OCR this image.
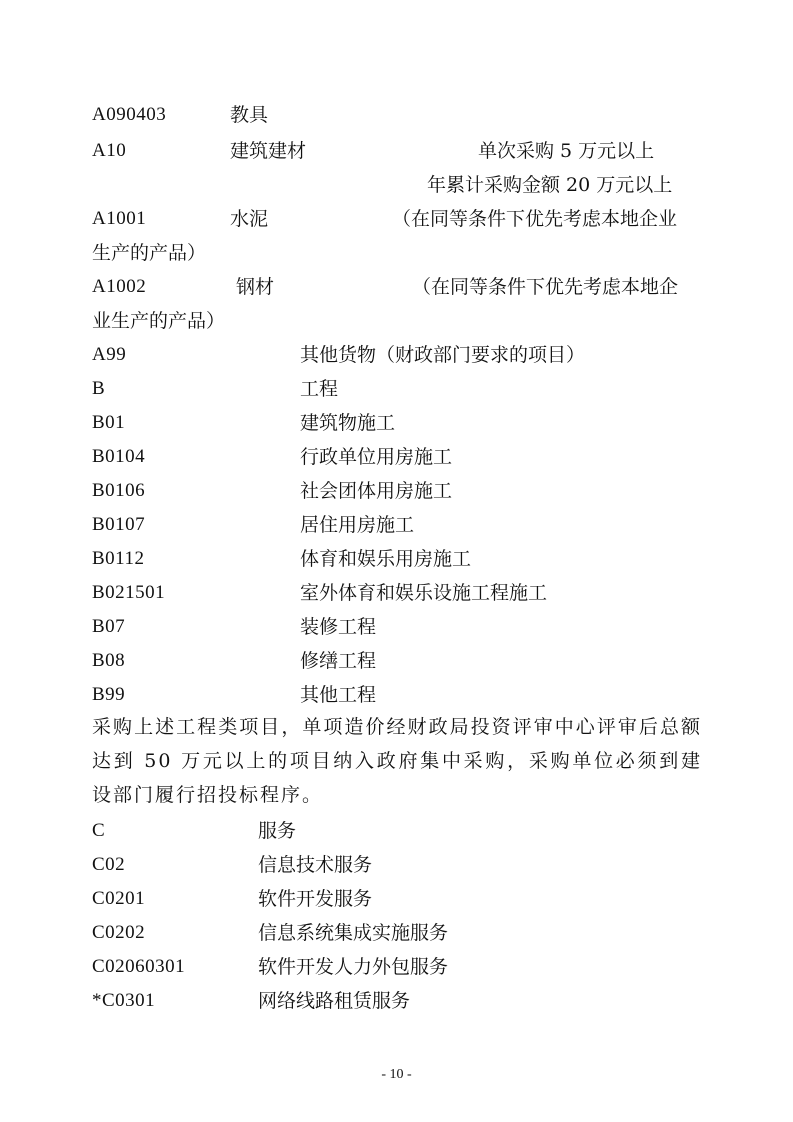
A090403	教具
A10	建筑建材	单次采购 5 万元以上
年累计采购金额 20 万元以上
A1001	水泥	（在同等条件下优先考虑本地企业
生产的产品）
A1002	钢材	（在同等条件下优先考虑本地企
业生产的产品）
A99	其他货物（财政部门要求的项目）
B	工程
B01	建筑物施工
B0104	行政单位用房施工
B0106	社会团体用房施工
B0107	居住用房施工
B0112	体育和娱乐用房施工
B021501	室外体育和娱乐设施工程施工
B07	装修工程
B08	修缮工程
B99	其他工程
采购上述工程类项目，单项造价经财政局投资评审中心评审后总额达到 50 万元以上的项目纳入政府集中采购，采购单位必须到建设部门履行招投标程序。
C	服务
C02	信息技术服务
C0201	软件开发服务
C0202	信息系统集成实施服务
C02060301	软件开发人力外包服务
*C0301	网络线路租赁服务
- 10 -
